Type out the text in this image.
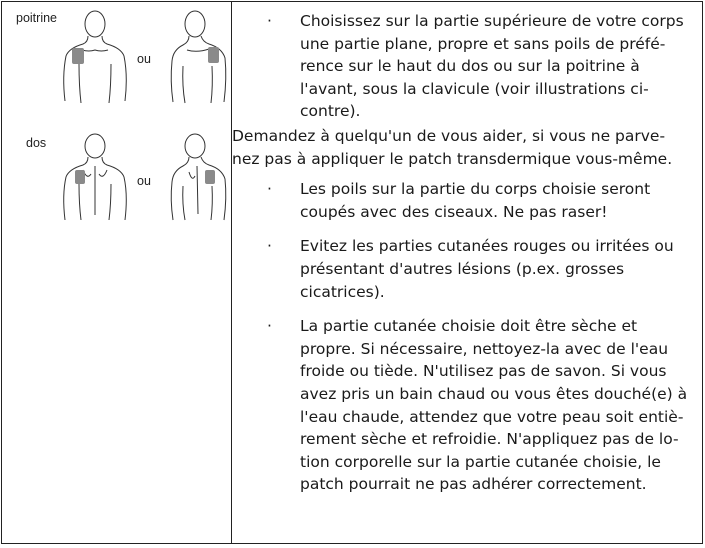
poitrine
ou
dos
ou
· Choisissez sur la partie supérieure de votre corps
une partie plane, propre et sans poils de préfé-
rence sur le haut du dos ou sur la poitrine à
l'avant, sous la clavicule (voir illustrations ci-
contre).
Demandez à quelqu'un de vous aider, si vous ne parve-
nez pas à appliquer le patch transdermique vous-même.
· Les poils sur la partie du corps choisie seront
coupés avec des ciseaux. Ne pas raser!
· Evitez les parties cutanées rouges ou irritées ou
présentant d'autres lésions (p.ex. grosses
cicatrices).
· La partie cutanée choisie doit être sèche et
propre. Si nécessaire, nettoyez-la avec de l'eau
froide ou tiède. N'utilisez pas de savon. Si vous
avez pris un bain chaud ou vous êtes douché(e) à
l'eau chaude, attendez que votre peau soit entiè-
rement sèche et refroidie. N'appliquez pas de lo-
tion corporelle sur la partie cutanée choisie, le
patch pourrait ne pas adhérer correctement.
